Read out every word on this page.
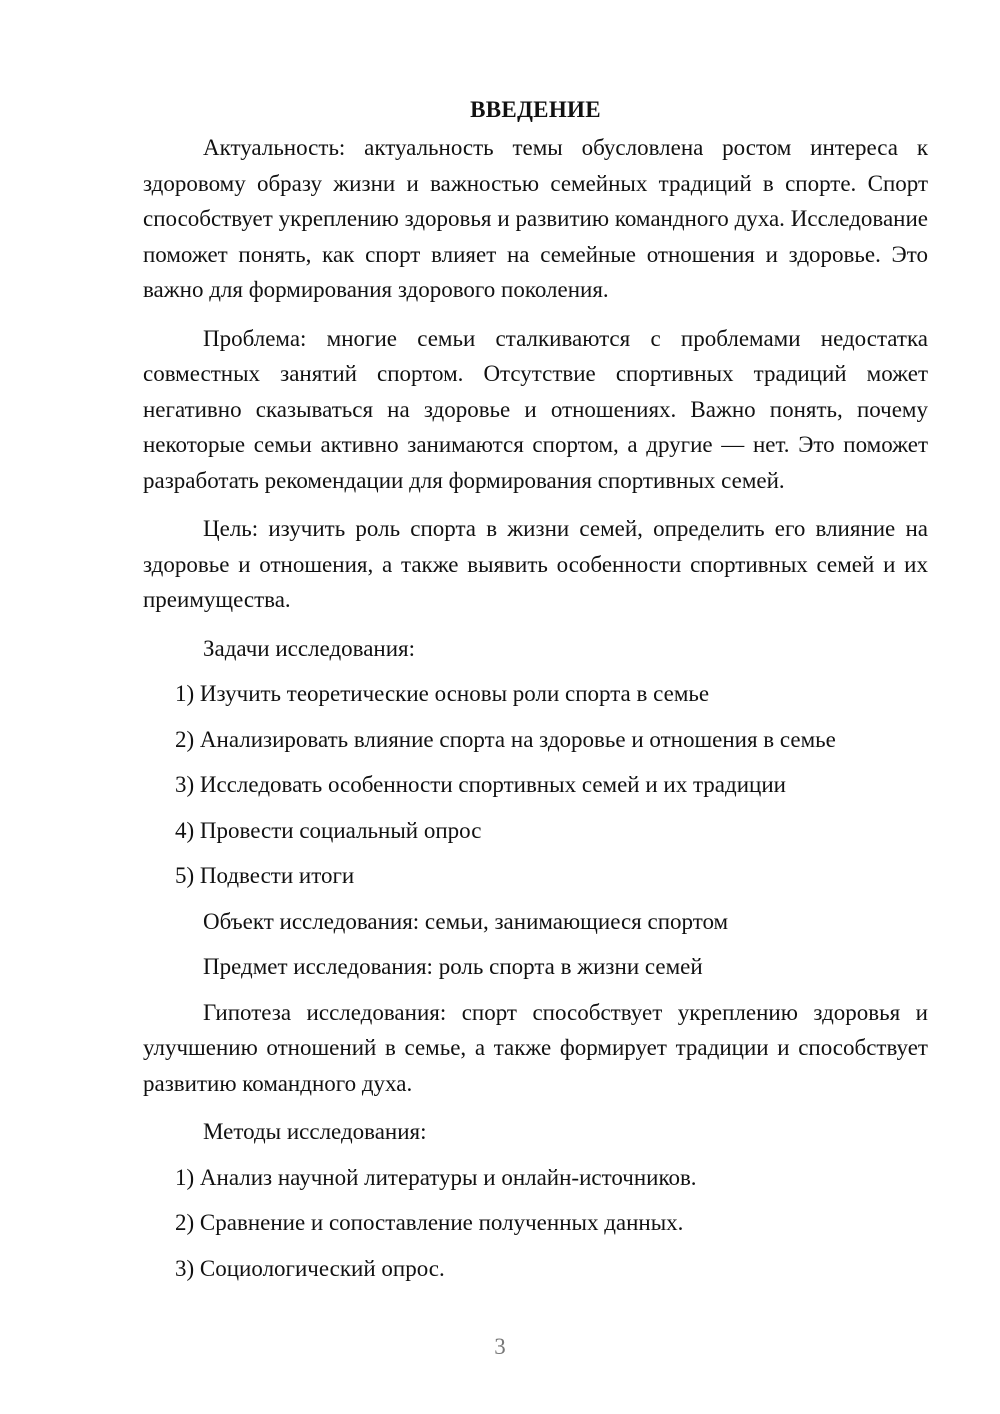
ВВЕДЕНИЕ

Актуальность: актуальность темы обусловлена ростом интереса к здоровому образу жизни и важностью семейных традиций в спорте. Спорт способствует укреплению здоровья и развитию командного духа. Исследование поможет понять, как спорт влияет на семейные отношения и здоровье. Это важно для формирования здорового поколения.

Проблема: многие семьи сталкиваются с проблемами недостатка совместных занятий спортом. Отсутствие спортивных традиций может негативно сказываться на здоровье и отношениях. Важно понять, почему некоторые семьи активно занимаются спортом, а другие — нет. Это поможет разработать рекомендации для формирования спортивных семей.

Цель: изучить роль спорта в жизни семей, определить его влияние на здоровье и отношения, а также выявить особенности спортивных семей и их преимущества.

Задачи исследования:
1) Изучить теоретические основы роли спорта в семье
2) Анализировать влияние спорта на здоровье и отношения в семье
3) Исследовать особенности спортивных семей и их традиции
4) Провести социальный опрос
5) Подвести итоги
Объект исследования: семьи, занимающиеся спортом
Предмет исследования: роль спорта в жизни семей

Гипотеза исследования: спорт способствует укреплению здоровья и улучшению отношений в семье, а также формирует традиции и способствует развитию командного духа.

Методы исследования:
1) Анализ научной литературы и онлайн-источников.
2) Сравнение и сопоставление полученных данных.
3) Социологический опрос.
3
